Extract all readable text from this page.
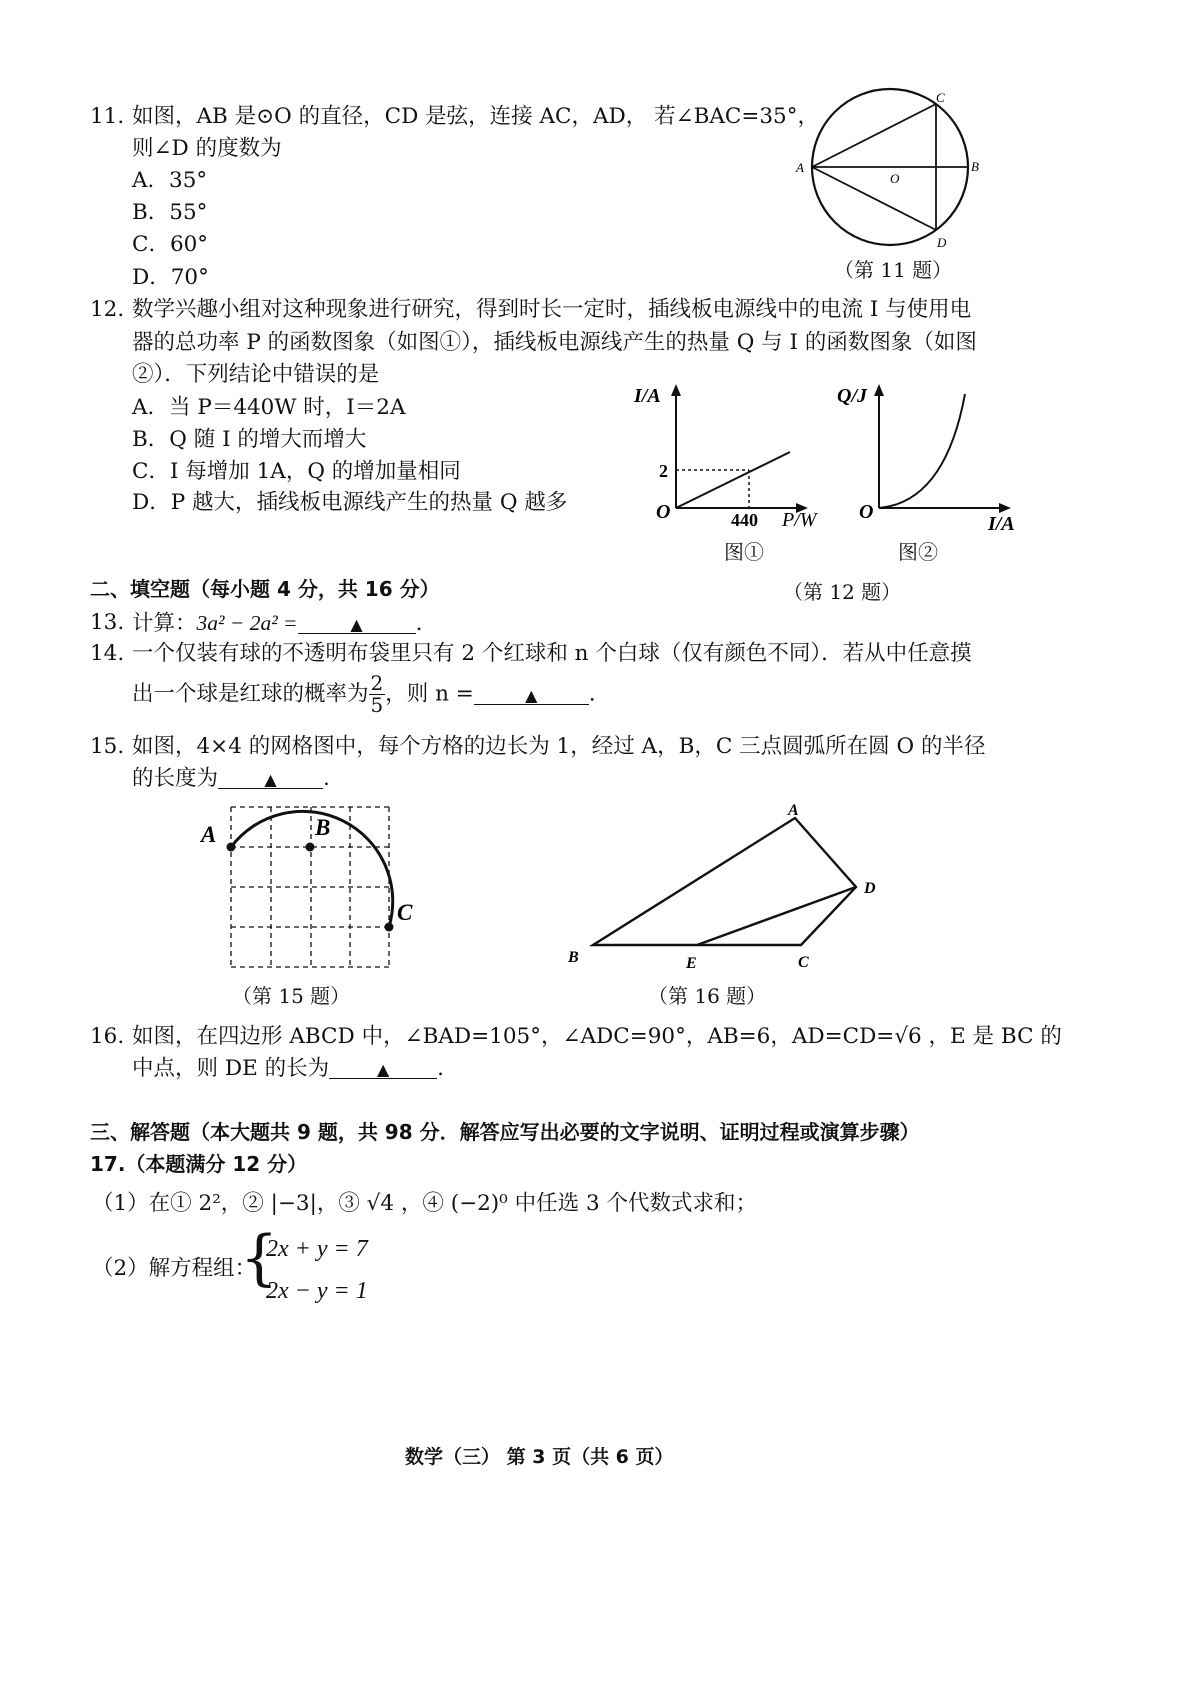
11. 如图，AB 是⊙O 的直径，CD 是弦，连接 AC，AD， 若∠BAC=35°，
则∠D 的度数为
A．35°
B．55°
C．60°
D．70°
A	B
C
D
O
（第 11 题）
12. 数学兴趣小组对这种现象进行研究，得到时长一定时，插线板电源线中的电流 I 与使用电
器的总功率 P 的函数图象（如图①），插线板电源线产生的热量 Q 与 I 的函数图象（如图
②）．下列结论中错误的是
A．当 P＝440W 时，I＝2A
B．Q 随 I 的增大而增大
C．I 每增加 1A，Q 的增加量相同
D．P 越大，插线板电源线产生的热量 Q 越多
I/A
P/W
O
2
440
图①
Q/J
I/A
O
图②
（第 12 题）
二、填空题（每小题 4 分，共 16 分）
13. 计算：3a² − 2a² =	▲ .
14. 一个仅装有球的不透明布袋里只有 2 个红球和 n 个白球（仅有颜色不同）．若从中任意摸
出一个球是红球的概率为 $\frac{2}{5}$ ，则 n =	▲ .
15. 如图，4×4 的网格图中，每个方格的边长为 1，经过 A，B，C 三点圆弧所在圆 O 的半径
的长度为	▲ .
A	B
C
（第 15 题）
A
B	C
D
E
（第 16 题）
16. 如图，在四边形 ABCD 中，∠BAD=105°，∠ADC=90°，AB=6，AD=CD=√6 ，E 是 BC 的
中点，则 DE 的长为	▲ .
三、解答题（本大题共 9 题，共 98 分．解答应写出必要的文字说明、证明过程或演算步骤）
17.（本题满分 12 分）
（1）在① 2²，② |−3|，③ √4 ，④ (−2)⁰ 中任选 3 个代数式求和；
（2）解方程组：
{
2x + y = 7
2x − y = 1
数学（三） 第 3 页（共 6 页）
